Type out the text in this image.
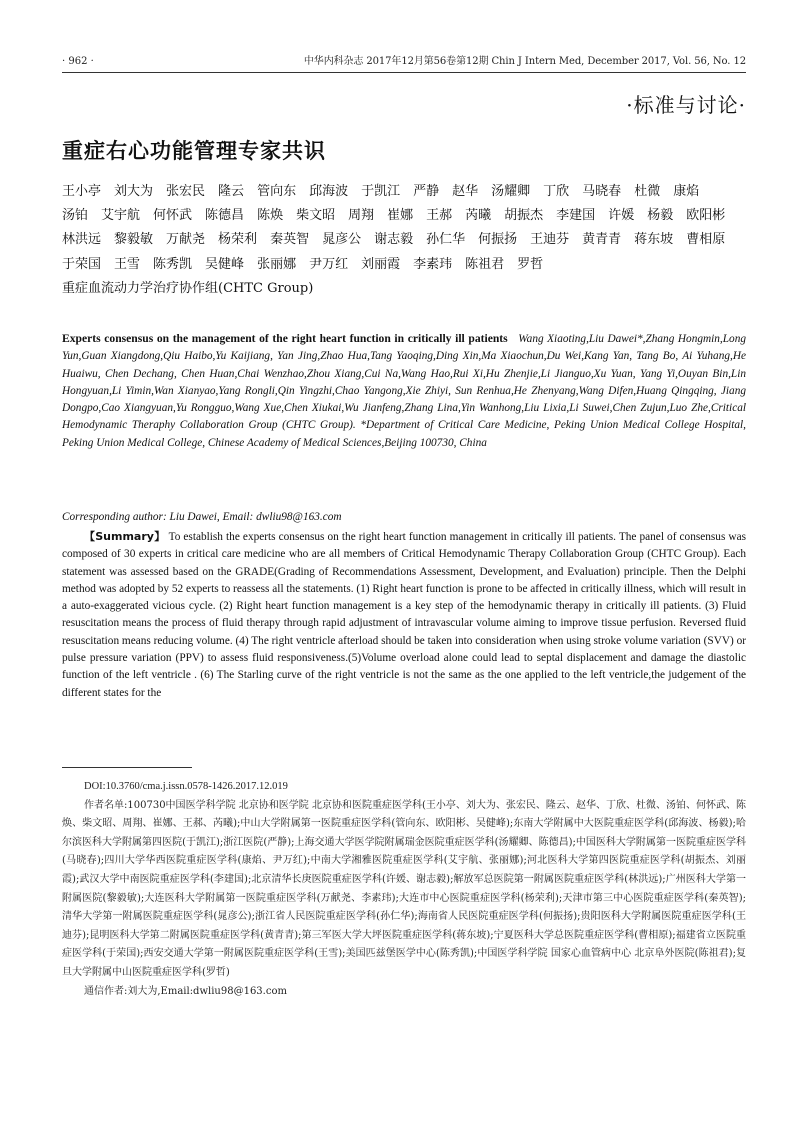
· 962 ·	中华内科杂志 2017年12月第56卷第12期 Chin J Intern Med, December 2017, Vol. 56, No. 12
·标准与讨论·
重症右心功能管理专家共识
王小亭 刘大为 张宏民 隆云 管向东 邱海波 于凯江 严静 赵华 汤耀卿 丁欣 马晓春 杜微 康焰汤铂 艾宇航 何怀武 陈德昌 陈焕 柴文昭 周翔 崔娜 王郝 芮曦 胡振杰 李建国 许媛 杨毅 欧阳彬林洪远 黎毅敏 万献尧 杨荣利 秦英智 晁彦公 谢志毅 孙仁华 何振扬 王迪芬 黄青青 蒋东坡 曹相原于荣国 王雪 陈秀凯 吴健峰 张丽娜 尹万红 刘丽霞 李素玮 陈祖君 罗哲重症血流动力学治疗协作组(CHTC Group)
Experts consensus on the management of the right heart function in critically ill patients Wang Xiaoting,Liu Dawei*,Zhang Hongmin,Long Yun,Guan Xiangdong,Qiu Haibo,Yu Kaijiang, Yan Jing,Zhao Hua,Tang Yaoqing,Ding Xin,Ma Xiaochun,Du Wei,Kang Yan, Tang Bo, Ai Yuhang,He Huaiwu, Chen Dechang, Chen Huan,Chai Wenzhao,Zhou Xiang,Cui Na,Wang Hao,Rui Xi,Hu Zhenjie,Li Jianguo,Xu Yuan, Yang Yi,Ouyan Bin,Lin Hongyuan,Li Yimin,Wan Xianyao,Yang Rongli,Qin Yingzhi,Chao Yangong,Xie Zhiyi, Sun Renhua,He Zhenyang,Wang Difen,Huang Qingqing, Jiang Dongpo,Cao Xiangyuan,Yu Rongguo,Wang Xue,Chen Xiukai,Wu Jianfeng,Zhang Lina,Yin Wanhong,Liu Lixia,Li Suwei,Chen Zujun,Luo Zhe,Critical Hemodynamic Theraphy Collaboration Group (CHTC Group). *Department of Critical Care Medicine, Peking Union Medical College Hospital, Peking Union Medical College, Chinese Academy of Medical Sciences,Beijing 100730, China
Corresponding author: Liu Dawei, Email: dwliu98@163.com
【Summary】 To establish the experts consensus on the right heart function management in critically ill patients. The panel of consensus was composed of 30 experts in critical care medicine who are all members of Critical Hemodynamic Therapy Collaboration Group (CHTC Group). Each statement was assessed based on the GRADE(Grading of Recommendations Assessment, Development, and Evaluation) principle. Then the Delphi method was adopted by 52 experts to reassess all the statements. (1) Right heart function is prone to be affected in critically illness, which will result in a auto-exaggerated vicious cycle. (2) Right heart function management is a key step of the hemodynamic therapy in critically ill patients. (3) Fluid resuscitation means the process of fluid therapy through rapid adjustment of intravascular volume aiming to improve tissue perfusion. Reversed fluid resuscitation means reducing volume. (4) The right ventricle afterload should be taken into consideration when using stroke volume variation (SVV) or pulse pressure variation (PPV) to assess fluid responsiveness.(5)Volume overload alone could lead to septal displacement and damage the diastolic function of the left ventricle . (6) The Starling curve of the right ventricle is not the same as the one applied to the left ventricle,the judgement of the different states for the

DOI:10.3760/cma.j.issn.0578-1426.2017.12.019

作者名单:100730中国医学科学院 北京协和医学院 北京协和医院重症医学科(王小亭、刘大为、张宏民、隆云、赵华、丁欣、杜微、汤铂、何怀武、陈焕、柴文昭、周翔、崔娜、王郝、芮曦);中山大学附属第一医院重症医学科(管向东、欧阳彬、吴健峰);东南大学附属中大医院重症医学科(邱海波、杨毅);哈尔滨医科大学附属第四医院(于凯江);浙江医院(严静);上海交通大学医学院附属瑞金医院重症医学科(汤耀卿、陈德昌);中国医科大学附属第一医院重症医学科(马晓春);四川大学华西医院重症医学科(康焰、尹万红);中南大学湘雅医院重症医学科(艾宇航、张丽娜);河北医科大学第四医院重症医学科(胡振杰、刘丽霞);武汉大学中南医院重症医学科(李建国);北京清华长庚医院重症医学科(许媛、谢志毅);解放军总医院第一附属医院重症医学科(林洪远);广州医科大学第一附属医院(黎毅敏);大连医科大学附属第一医院重症医学科(万献尧、李素玮);大连市中心医院重症医学科(杨荣利);天津市第三中心医院重症医学科(秦英智);清华大学第一附属医院重症医学科(晁彦公);浙江省人民医院重症医学科(孙仁华);海南省人民医院重症医学科(何振扬);贵阳医科大学附属医院重症医学科(王迪芬);昆明医科大学第二附属医院重症医学科(黄青青);第三军医大学大坪医院重症医学科(蒋东坡);宁夏医科大学总医院重症医学科(曹相原);福建省立医院重症医学科(于荣国);西安交通大学第一附属医院重症医学科(王雪);美国匹兹堡医学中心(陈秀凯);中国医学科学院 国家心血管病中心 北京阜外医院(陈祖君);复旦大学附属中山医院重症医学科(罗哲)

通信作者:刘大为,Email:dwliu98@163.com
